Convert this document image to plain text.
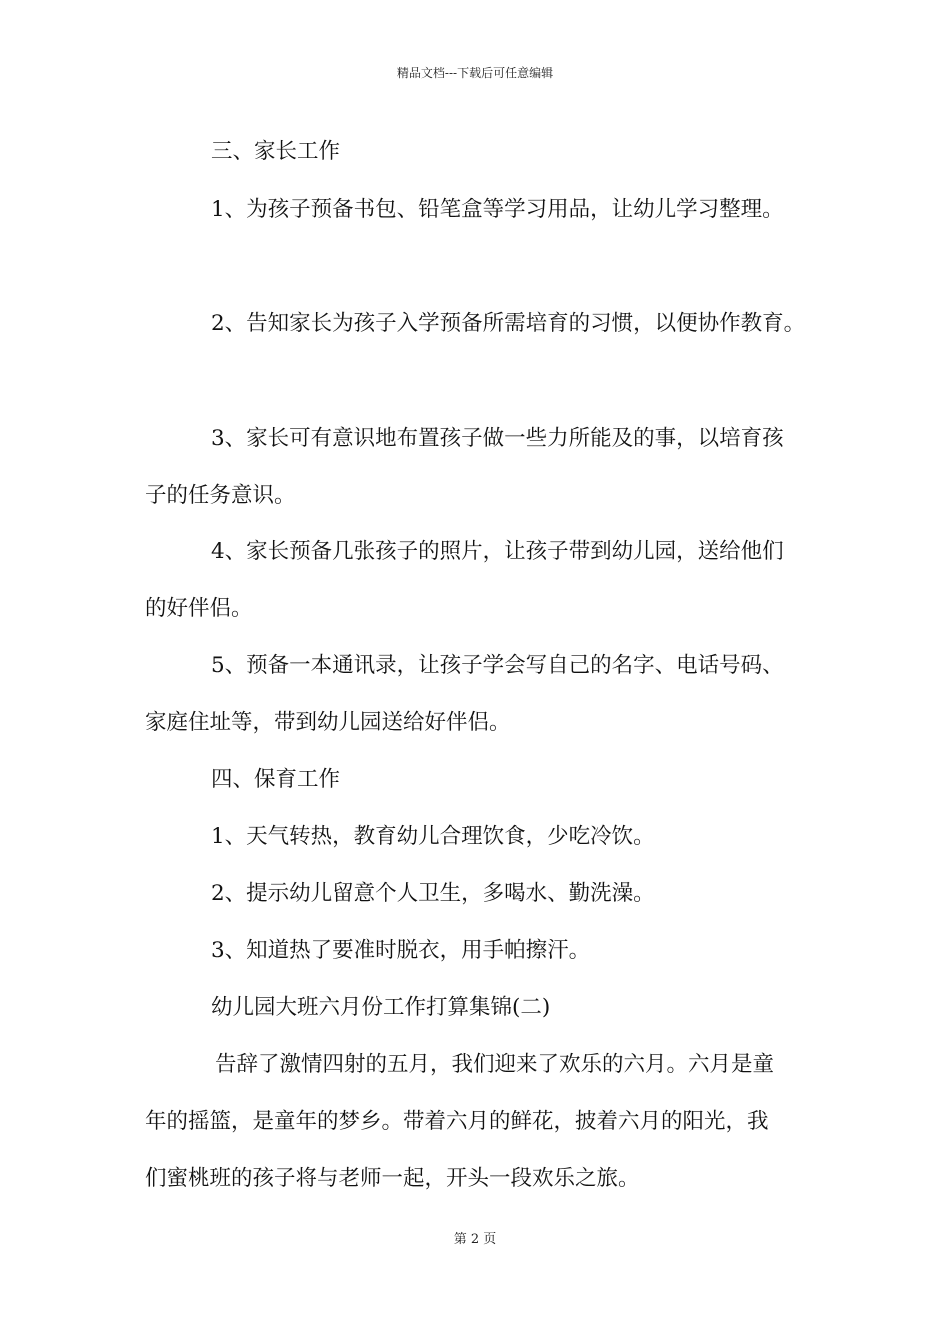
精品文档---下载后可任意编辑
三、家长工作
1、为孩子预备书包、铅笔盒等学习用品，让幼儿学习整理。
2、告知家长为孩子入学预备所需培育的习惯，以便协作教育。
3、家长可有意识地布置孩子做一些力所能及的事，以培育孩
子的任务意识。
4、家长预备几张孩子的照片，让孩子带到幼儿园，送给他们
的好伴侣。
5、预备一本通讯录，让孩子学会写自己的名字、电话号码、
家庭住址等，带到幼儿园送给好伴侣。
四、保育工作
1、天气转热，教育幼儿合理饮食，少吃冷饮。
2、提示幼儿留意个人卫生，多喝水、勤洗澡。
3、知道热了要准时脱衣，用手帕擦汗。
幼儿园大班六月份工作打算集锦(二)
告辞了激情四射的五月，我们迎来了欢乐的六月。六月是童
年的摇篮，是童年的梦乡。带着六月的鲜花，披着六月的阳光，我
们蜜桃班的孩子将与老师一起，开头一段欢乐之旅。
第 2 页
